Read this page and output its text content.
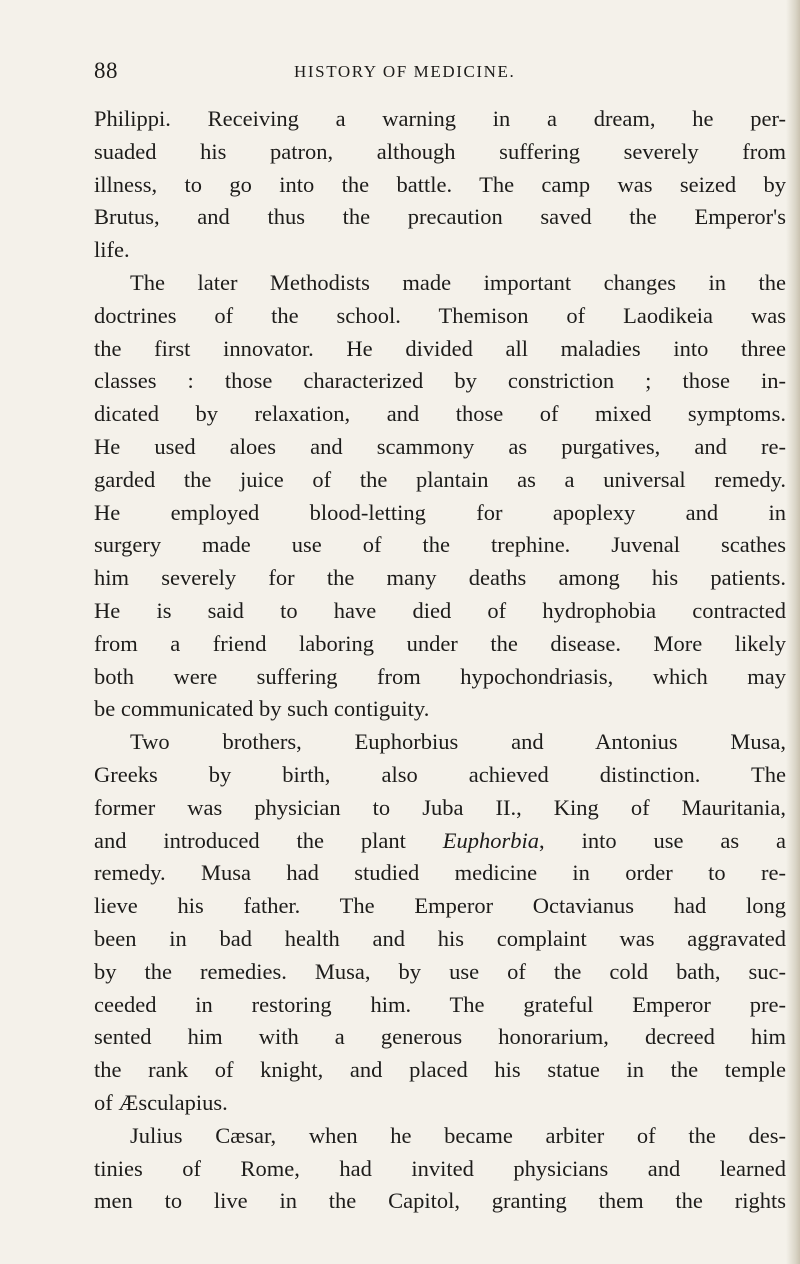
88	HISTORY OF MEDICINE.
Philippi. Receiving a warning in a dream, he per-
suaded his patron, although suffering severely from
illness, to go into the battle. The camp was seized by
Brutus, and thus the precaution saved the Emperor's
life.
The later Methodists made important changes in the
doctrines of the school. Themison of Laodikeia was
the first innovator. He divided all maladies into three
classes : those characterized by constriction ; those in-
dicated by relaxation, and those of mixed symptoms.
He used aloes and scammony as purgatives, and re-
garded the juice of the plantain as a universal remedy.
He employed blood-letting for apoplexy and in
surgery made use of the trephine. Juvenal scathes
him severely for the many deaths among his patients.
He is said to have died of hydrophobia contracted
from a friend laboring under the disease. More likely
both were suffering from hypochondriasis, which may
be communicated by such contiguity.
Two brothers, Euphorbius and Antonius Musa,
Greeks by birth, also achieved distinction. The
former was physician to Juba II., King of Mauritania,
and introduced the plant Euphorbia, into use as a
remedy. Musa had studied medicine in order to re-
lieve his father. The Emperor Octavianus had long
been in bad health and his complaint was aggravated
by the remedies. Musa, by use of the cold bath, suc-
ceeded in restoring him. The grateful Emperor pre-
sented him with a generous honorarium, decreed him
the rank of knight, and placed his statue in the temple
of Æsculapius.
Julius Cæsar, when he became arbiter of the des-
tinies of Rome, had invited physicians and learned
men to live in the Capitol, granting them the rights
